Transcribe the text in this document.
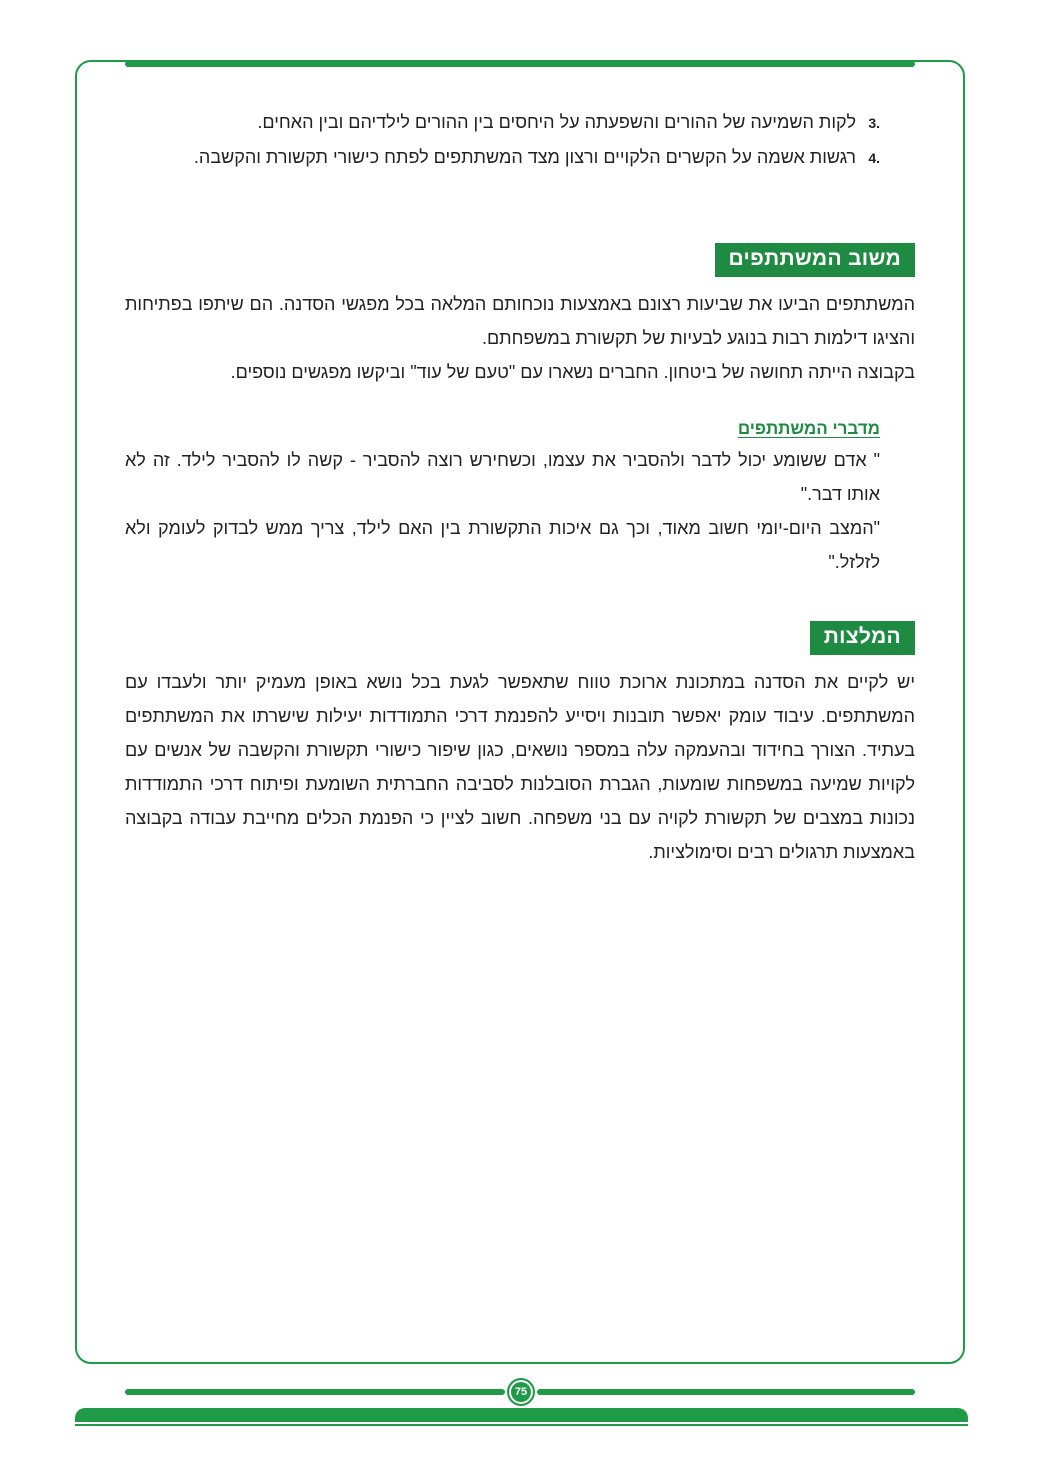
.3לקות השמיעה של ההורים והשפעתה על היחסים בין ההורים לילדיהם ובין האחים.
.4רגשות אשמה על הקשרים הלקויים ורצון מצד המשתתפים לפתח כישורי תקשורת והקשבה.
משוב המשתתפים

המשתתפים הביעו את שביעות רצונם באמצעות נוכחותם המלאה בכל מפגשי הסדנה. הם שיתפו בפתיחות והציגו דילמות רבות בנוגע לבעיות של תקשורת במשפחתם.

בקבוצה הייתה תחושה של ביטחון. החברים נשארו עם "טעם של עוד" וביקשו מפגשים נוספים.

מדברי המשתתפים

" אדם ששומע יכול לדבר ולהסביר את עצמו, וכשחירש רוצה להסביר - קשה לו להסביר לילד. זה לא אותו דבר."

"המצב היום-יומי חשוב מאוד, וכך גם איכות התקשורת בין האם לילד, צריך ממש לבדוק לעומק ולא לזלזל."

המלצות

יש לקיים את הסדנה במתכונת ארוכת טווח שתאפשר לגעת בכל נושא באופן מעמיק יותר ולעבדו עם המשתתפים. עיבוד עומק יאפשר תובנות ויסייע להפנמת דרכי התמודדות יעילות שישרתו את המשתתפים בעתיד. הצורך בחידוד ובהעמקה עלה במספר נושאים, כגון שיפור כישורי תקשורת והקשבה של אנשים עם לקויות שמיעה במשפחות שומעות, הגברת הסובלנות לסביבה החברתית השומעת ופיתוח דרכי התמודדות נכונות במצבים של תקשורת לקויה עם בני משפחה. חשוב לציין כי הפנמת הכלים מחייבת עבודה בקבוצה באמצעות תרגולים רבים וסימולציות.

75
